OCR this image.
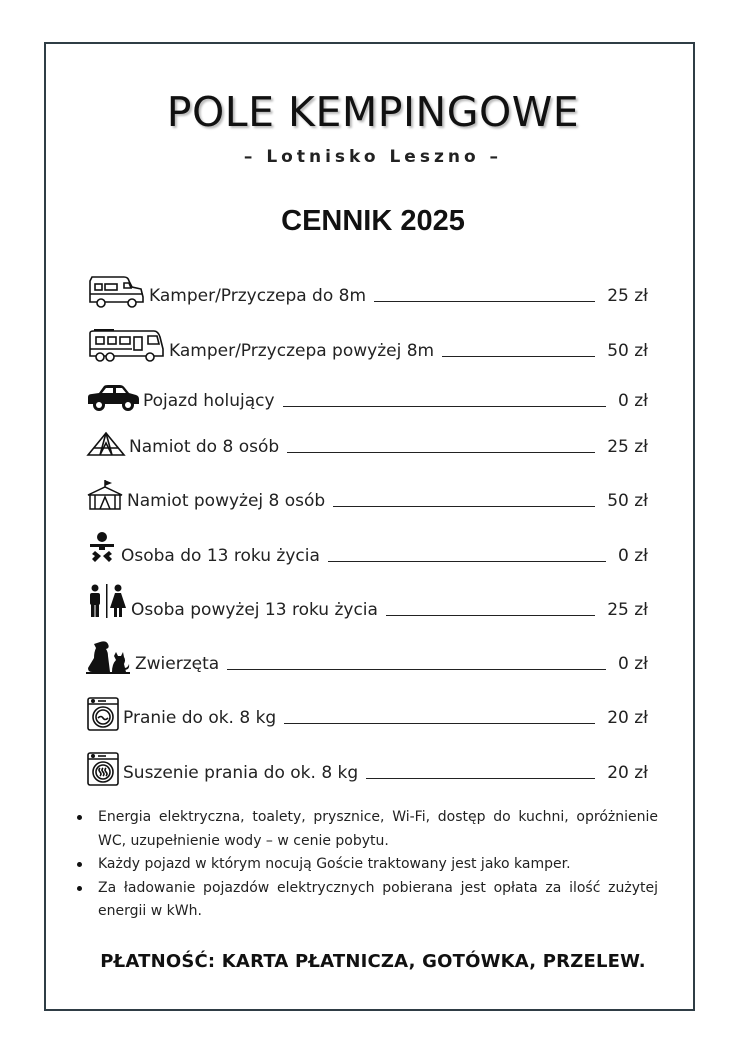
POLE KEMPINGOWE
– Lotnisko Leszno –
CENNIK 2025
Kamper/Przyczepa do 8m	25 zł
Kamper/Przyczepa powyżej 8m	50 zł
Pojazd holujący	0 zł
Namiot do 8 osób	25 zł
Namiot powyżej 8 osób	50 zł
Osoba do 13 roku życia	0 zł
Osoba powyżej 13 roku życia	25 zł
Zwierzęta	0 zł
Pranie do ok. 8 kg	20 zł
Suszenie prania do ok. 8 kg	20 zł
Energia elektryczna, toalety, prysznice, Wi-Fi, dostęp do kuchni, opróżnienie WC, uzupełnienie wody – w cenie pobytu.
Każdy pojazd w którym nocują Goście traktowany jest jako kamper.
Za ładowanie pojazdów elektrycznych pobierana jest opłata za ilość zużytej energii w kWh.
PŁATNOŚĆ: KARTA PŁATNICZA, GOTÓWKA, PRZELEW.
